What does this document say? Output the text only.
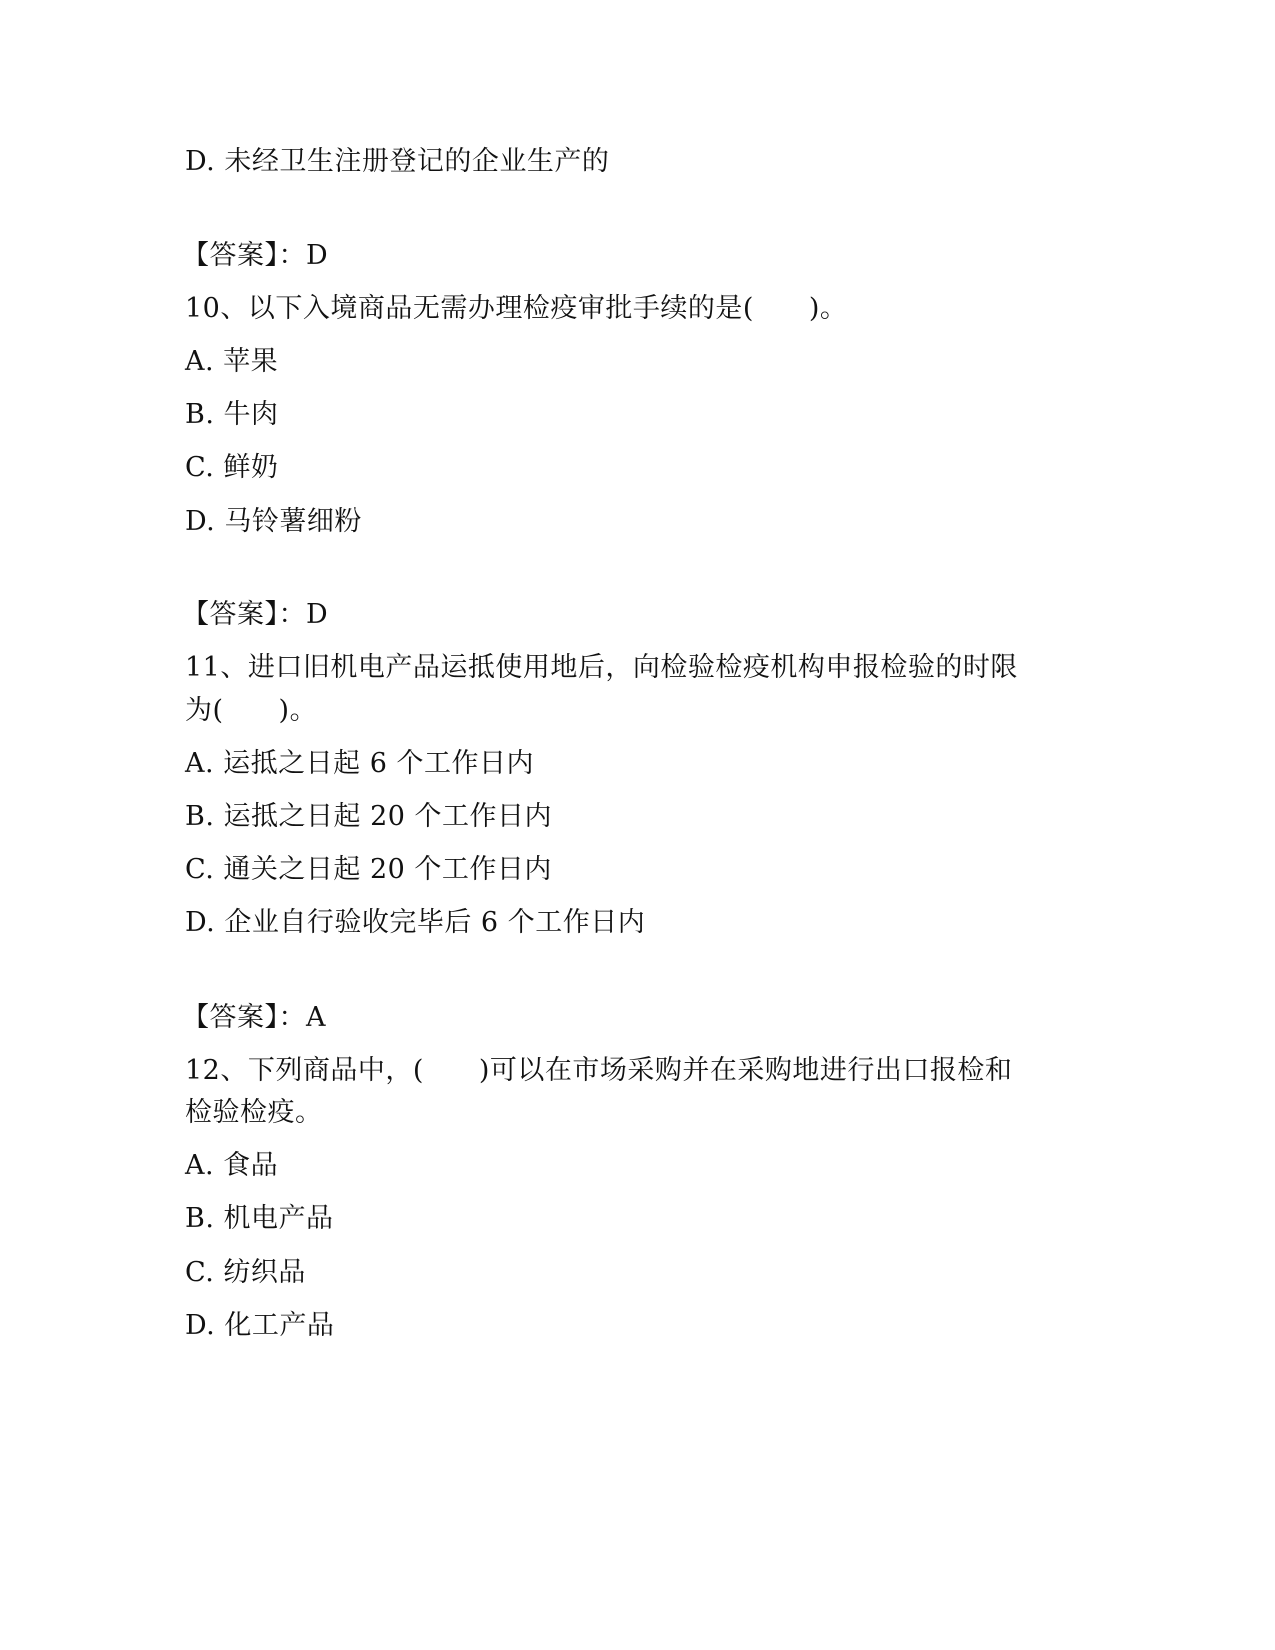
D. 未经卫生注册登记的企业生产的
【答案】：D
10、以下入境商品无需办理检疫审批手续的是(　　)。
A. 苹果
B. 牛肉
C. 鲜奶
D. 马铃薯细粉
【答案】：D
11、进口旧机电产品运抵使用地后，向检验检疫机构申报检验的时限
为(　　)。
A. 运抵之日起 6 个工作日内
B. 运抵之日起 20 个工作日内
C. 通关之日起 20 个工作日内
D. 企业自行验收完毕后 6 个工作日内
【答案】：A
12、下列商品中，(　　)可以在市场采购并在采购地进行出口报检和
检验检疫。
A. 食品
B. 机电产品
C. 纺织品
D. 化工产品
